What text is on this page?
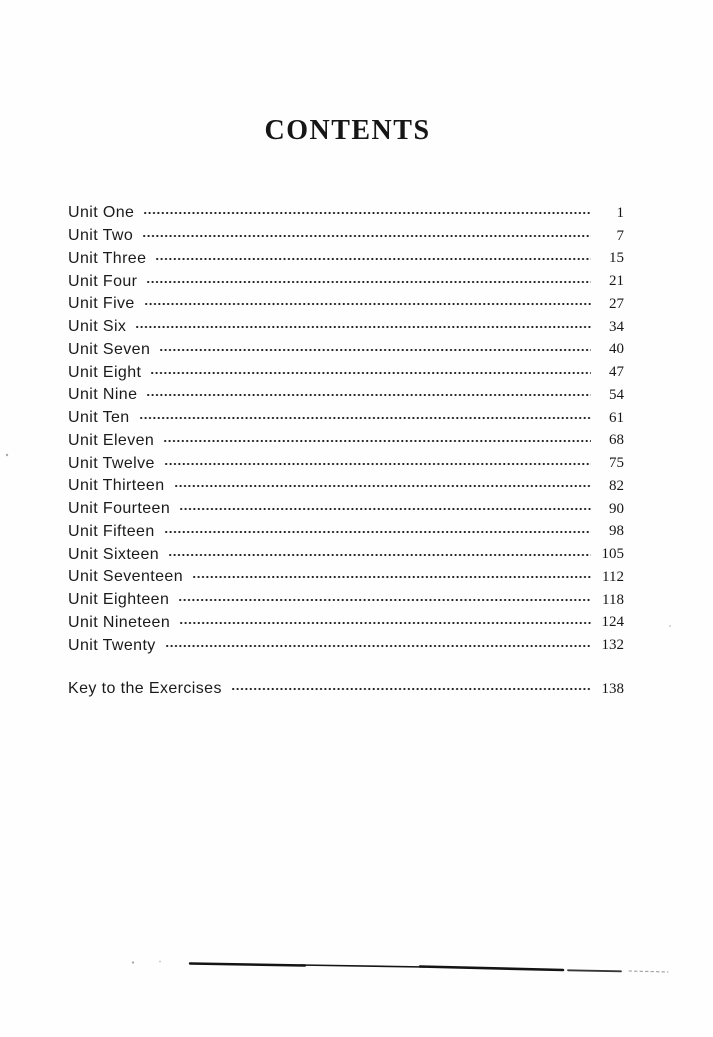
CONTENTS
Unit One	1
Unit Two	7
Unit Three	15
Unit Four	21
Unit Five	27
Unit Six	34
Unit Seven	40
Unit Eight	47
Unit Nine	54
Unit Ten	61
Unit Eleven	68
Unit Twelve	75
Unit Thirteen	82
Unit Fourteen	90
Unit Fifteen	98
Unit Sixteen	105
Unit Seventeen	112
Unit Eighteen	118
Unit Nineteen	124
Unit Twenty	132
Key to the Exercises	138
